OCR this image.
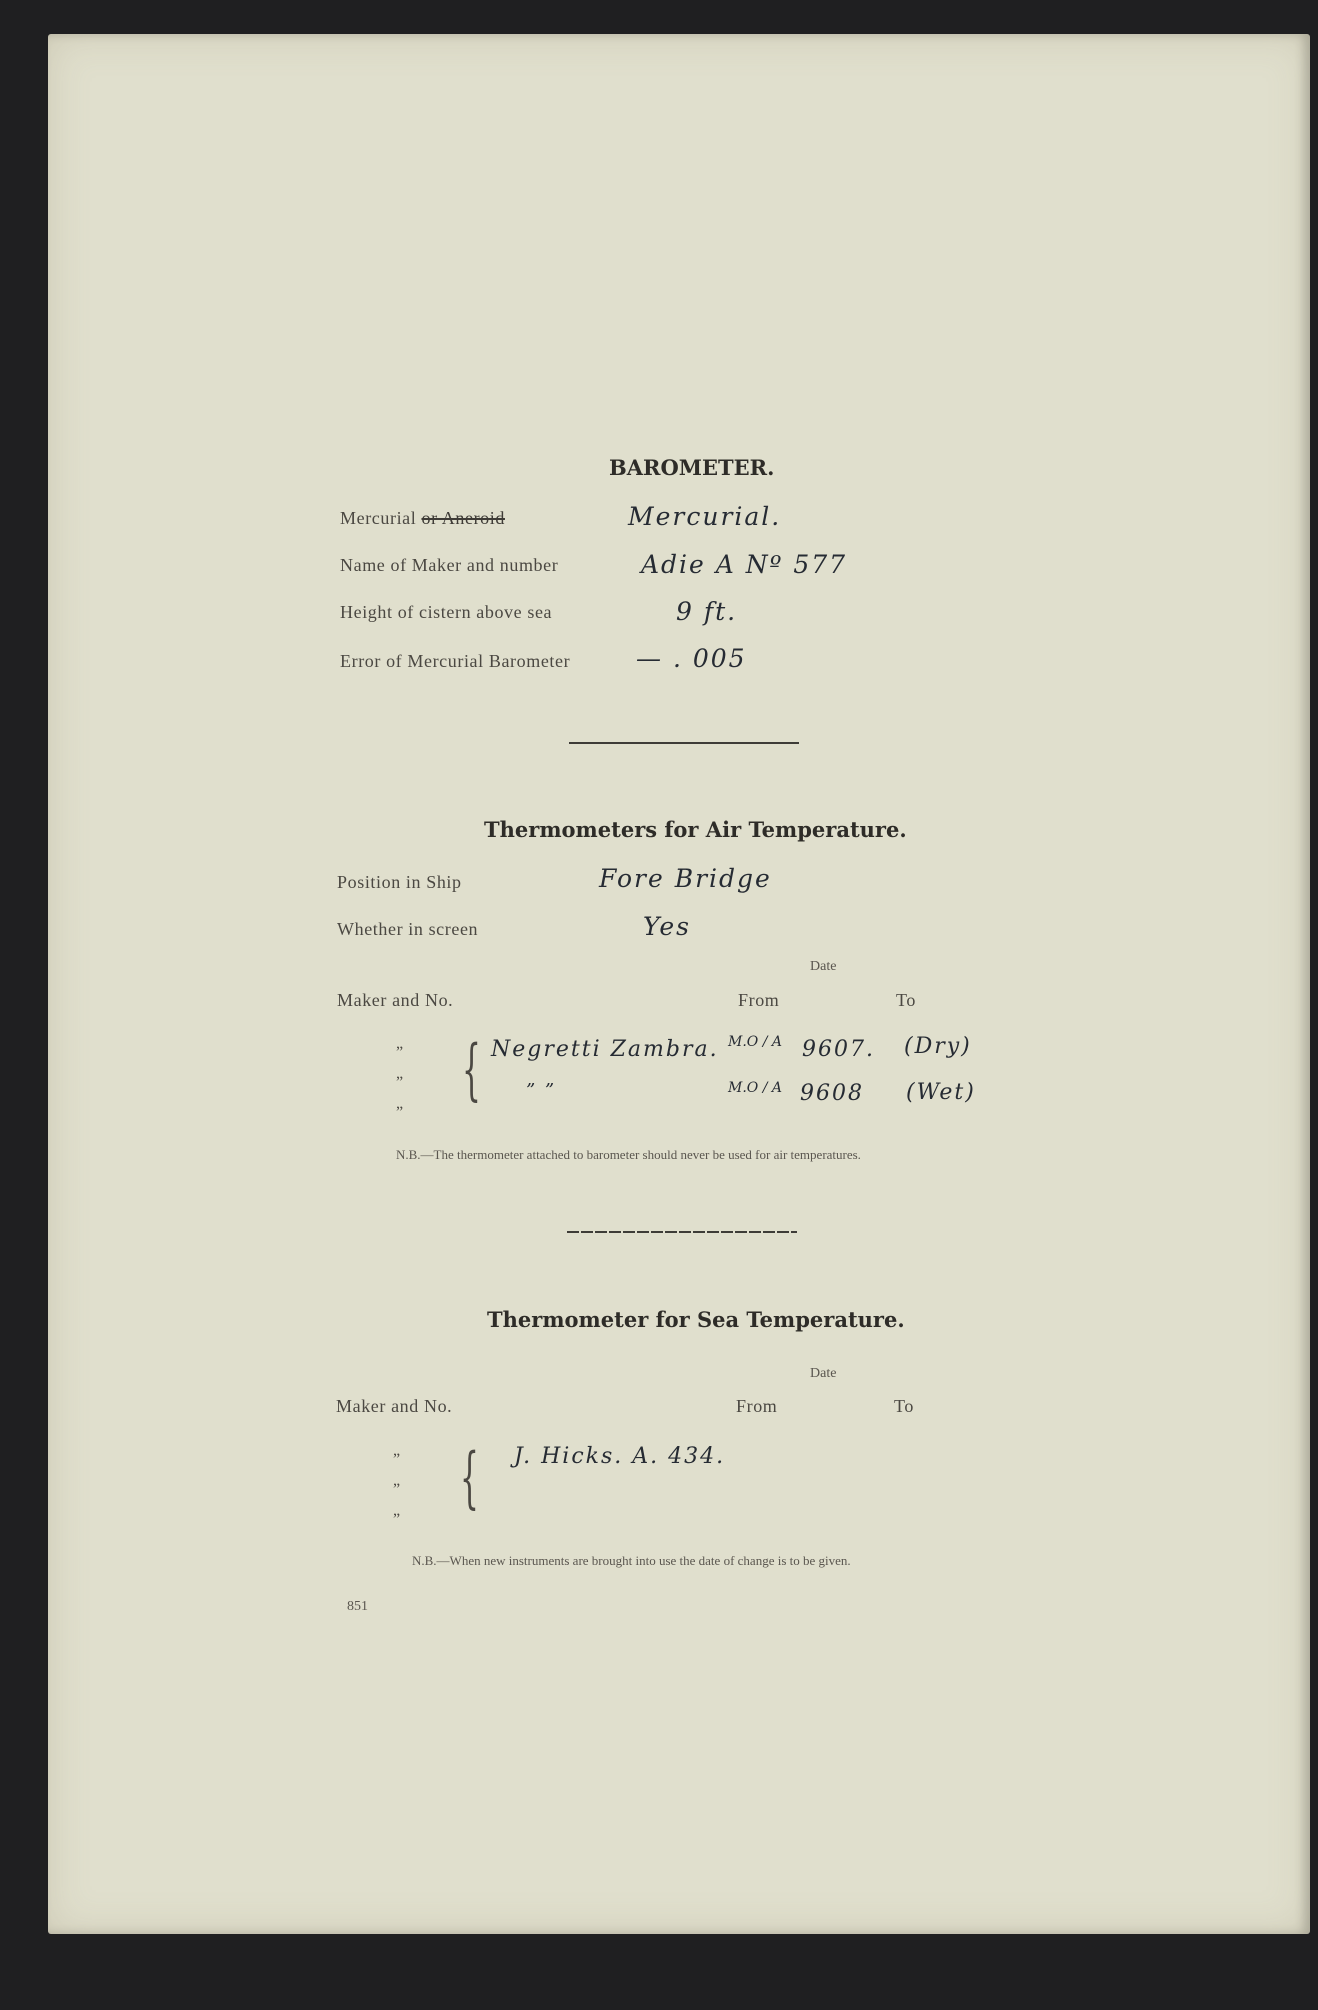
BAROMETER.
Mercurial or Aneroid	Mercurial.
Name of Maker and number	Adie A Nº 577
Height of cistern above sea	9 ft.
Error of Mercurial Barometer	— . 005
Thermometers for Air Temperature.
Position in Ship	Fore Bridge
Whether in screen	Yes
Date
Maker and No.	From	To
”
”
”
{ Negretti Zambra. M.O / A 9607. (Dry)
” ”	M.O / A 9608 (Wet)
N.B.—The thermometer attached to barometer should never be used for air temperatures.
Thermometer for Sea Temperature.
Date
Maker and No.	From	To
”
”
”
{ J. Hicks. A. 434.
N.B.—When new instruments are brought into use the date of change is to be given.
851
